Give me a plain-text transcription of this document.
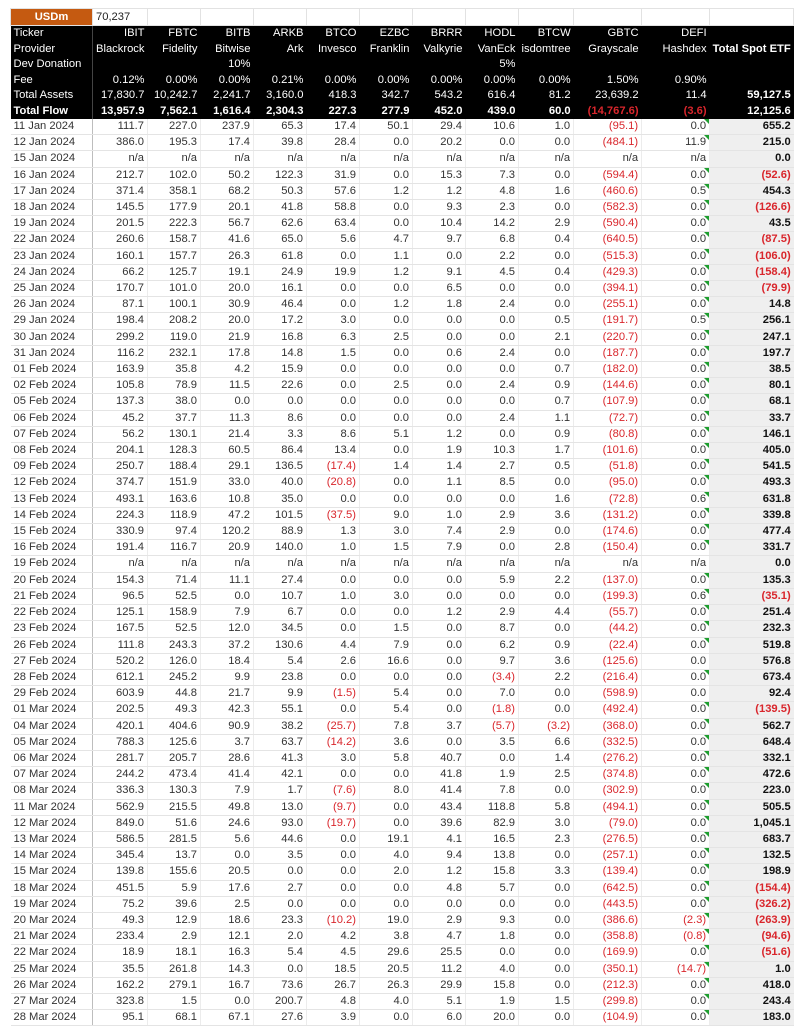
USDm	70,237											
Ticker	IBIT	FBTC	BITB	ARKB	BTCO	EZBC	BRRR	HODL	BTCW	GBTC	DEFI	
Provider	Blackrock	Fidelity	Bitwise	Ark	Invesco	Franklin	Valkyrie	VanEck	isdomtree	Grayscale	Hashdex	Total Spot ETF
Dev Donation			10%					5%				
Fee	0.12%	0.00%	0.00%	0.21%	0.00%	0.00%	0.00%	0.00%	0.00%	1.50%	0.90%	
Total Assets	17,830.7	10,242.7	2,241.7	3,160.0	418.3	342.7	543.2	616.4	81.2	23,639.2	11.4	59,127.5
Total Flow	13,957.9	7,562.1	1,616.4	2,304.3	227.3	277.9	452.0	439.0	60.0	(14,767.6)	(3.6)	12,125.6
11 Jan 2024	111.7	227.0	237.9	65.3	17.4	50.1	29.4	10.6	1.0	(95.1)	0.0	655.2
12 Jan 2024	386.0	195.3	17.4	39.8	28.4	0.0	20.2	0.0	0.0	(484.1)	11.9	215.0
15 Jan 2024	n/a	n/a	n/a	n/a	n/a	n/a	n/a	n/a	n/a	n/a	n/a	0.0
16 Jan 2024	212.7	102.0	50.2	122.3	31.9	0.0	15.3	7.3	0.0	(594.4)	0.0	(52.6)
17 Jan 2024	371.4	358.1	68.2	50.3	57.6	1.2	1.2	4.8	1.6	(460.6)	0.5	454.3
18 Jan 2024	145.5	177.9	20.1	41.8	58.8	0.0	9.3	2.3	0.0	(582.3)	0.0	(126.6)
19 Jan 2024	201.5	222.3	56.7	62.6	63.4	0.0	10.4	14.2	2.9	(590.4)	0.0	43.5
22 Jan 2024	260.6	158.7	41.6	65.0	5.6	4.7	9.7	6.8	0.4	(640.5)	0.0	(87.5)
23 Jan 2024	160.1	157.7	26.3	61.8	0.0	1.1	0.0	2.2	0.0	(515.3)	0.0	(106.0)
24 Jan 2024	66.2	125.7	19.1	24.9	19.9	1.2	9.1	4.5	0.4	(429.3)	0.0	(158.4)
25 Jan 2024	170.7	101.0	20.0	16.1	0.0	0.0	6.5	0.0	0.0	(394.1)	0.0	(79.9)
26 Jan 2024	87.1	100.1	30.9	46.4	0.0	1.2	1.8	2.4	0.0	(255.1)	0.0	14.8
29 Jan 2024	198.4	208.2	20.0	17.2	3.0	0.0	0.0	0.0	0.5	(191.7)	0.5	256.1
30 Jan 2024	299.2	119.0	21.9	16.8	6.3	2.5	0.0	0.0	2.1	(220.7)	0.0	247.1
31 Jan 2024	116.2	232.1	17.8	14.8	1.5	0.0	0.6	2.4	0.0	(187.7)	0.0	197.7
01 Feb 2024	163.9	35.8	4.2	15.9	0.0	0.0	0.0	0.0	0.7	(182.0)	0.0	38.5
02 Feb 2024	105.8	78.9	11.5	22.6	0.0	2.5	0.0	2.4	0.9	(144.6)	0.0	80.1
05 Feb 2024	137.3	38.0	0.0	0.0	0.0	0.0	0.0	0.0	0.7	(107.9)	0.0	68.1
06 Feb 2024	45.2	37.7	11.3	8.6	0.0	0.0	0.0	2.4	1.1	(72.7)	0.0	33.7
07 Feb 2024	56.2	130.1	21.4	3.3	8.6	5.1	1.2	0.0	0.9	(80.8)	0.0	146.1
08 Feb 2024	204.1	128.3	60.5	86.4	13.4	0.0	1.9	10.3	1.7	(101.6)	0.0	405.0
09 Feb 2024	250.7	188.4	29.1	136.5	(17.4)	1.4	1.4	2.7	0.5	(51.8)	0.0	541.5
12 Feb 2024	374.7	151.9	33.0	40.0	(20.8)	0.0	1.1	8.5	0.0	(95.0)	0.0	493.3
13 Feb 2024	493.1	163.6	10.8	35.0	0.0	0.0	0.0	0.0	1.6	(72.8)	0.6	631.8
14 Feb 2024	224.3	118.9	47.2	101.5	(37.5)	9.0	1.0	2.9	3.6	(131.2)	0.0	339.8
15 Feb 2024	330.9	97.4	120.2	88.9	1.3	3.0	7.4	2.9	0.0	(174.6)	0.0	477.4
16 Feb 2024	191.4	116.7	20.9	140.0	1.0	1.5	7.9	0.0	2.8	(150.4)	0.0	331.7
19 Feb 2024	n/a	n/a	n/a	n/a	n/a	n/a	n/a	n/a	n/a	n/a	n/a	0.0
20 Feb 2024	154.3	71.4	11.1	27.4	0.0	0.0	0.0	5.9	2.2	(137.0)	0.0	135.3
21 Feb 2024	96.5	52.5	0.0	10.7	1.0	3.0	0.0	0.0	0.0	(199.3)	0.6	(35.1)
22 Feb 2024	125.1	158.9	7.9	6.7	0.0	0.0	1.2	2.9	4.4	(55.7)	0.0	251.4
23 Feb 2024	167.5	52.5	12.0	34.5	0.0	1.5	0.0	8.7	0.0	(44.2)	0.0	232.3
26 Feb 2024	111.8	243.3	37.2	130.6	4.4	7.9	0.0	6.2	0.9	(22.4)	0.0	519.8
27 Feb 2024	520.2	126.0	18.4	5.4	2.6	16.6	0.0	9.7	3.6	(125.6)	0.0	576.8
28 Feb 2024	612.1	245.2	9.9	23.8	0.0	0.0	0.0	(3.4)	2.2	(216.4)	0.0	673.4
29 Feb 2024	603.9	44.8	21.7	9.9	(1.5)	5.4	0.0	7.0	0.0	(598.9)	0.0	92.4
01 Mar 2024	202.5	49.3	42.3	55.1	0.0	5.4	0.0	(1.8)	0.0	(492.4)	0.0	(139.5)
04 Mar 2024	420.1	404.6	90.9	38.2	(25.7)	7.8	3.7	(5.7)	(3.2)	(368.0)	0.0	562.7
05 Mar 2024	788.3	125.6	3.7	63.7	(14.2)	3.6	0.0	3.5	6.6	(332.5)	0.0	648.4
06 Mar 2024	281.7	205.7	28.6	41.3	3.0	5.8	40.7	0.0	1.4	(276.2)	0.0	332.1
07 Mar 2024	244.2	473.4	41.4	42.1	0.0	0.0	41.8	1.9	2.5	(374.8)	0.0	472.6
08 Mar 2024	336.3	130.3	7.9	1.7	(7.6)	8.0	41.4	7.8	0.0	(302.9)	0.0	223.0
11 Mar 2024	562.9	215.5	49.8	13.0	(9.7)	0.0	43.4	118.8	5.8	(494.1)	0.0	505.5
12 Mar 2024	849.0	51.6	24.6	93.0	(19.7)	0.0	39.6	82.9	3.0	(79.0)	0.0	1,045.1
13 Mar 2024	586.5	281.5	5.6	44.6	0.0	19.1	4.1	16.5	2.3	(276.5)	0.0	683.7
14 Mar 2024	345.4	13.7	0.0	3.5	0.0	4.0	9.4	13.8	0.0	(257.1)	0.0	132.5
15 Mar 2024	139.8	155.6	20.5	0.0	0.0	2.0	1.2	15.8	3.3	(139.4)	0.0	198.9
18 Mar 2024	451.5	5.9	17.6	2.7	0.0	0.0	4.8	5.7	0.0	(642.5)	0.0	(154.4)
19 Mar 2024	75.2	39.6	2.5	0.0	0.0	0.0	0.0	0.0	0.0	(443.5)	0.0	(326.2)
20 Mar 2024	49.3	12.9	18.6	23.3	(10.2)	19.0	2.9	9.3	0.0	(386.6)	(2.3)	(263.9)
21 Mar 2024	233.4	2.9	12.1	2.0	4.2	3.8	4.7	1.8	0.0	(358.8)	(0.8)	(94.6)
22 Mar 2024	18.9	18.1	16.3	5.4	4.5	29.6	25.5	0.0	0.0	(169.9)	0.0	(51.6)
25 Mar 2024	35.5	261.8	14.3	0.0	18.5	20.5	11.2	4.0	0.0	(350.1)	(14.7)	1.0
26 Mar 2024	162.2	279.1	16.7	73.6	26.7	26.3	29.9	15.8	0.0	(212.3)	0.0	418.0
27 Mar 2024	323.8	1.5	0.0	200.7	4.8	4.0	5.1	1.9	1.5	(299.8)	0.0	243.4
28 Mar 2024	95.1	68.1	67.1	27.6	3.9	0.0	6.0	20.0	0.0	(104.9)	0.0	183.0
